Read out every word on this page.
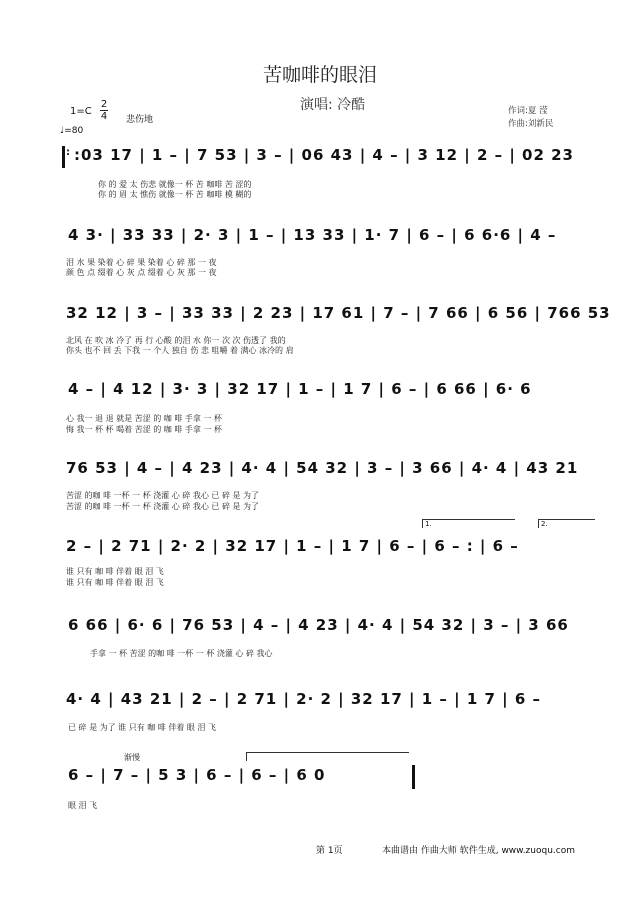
苦咖啡的眼泪
演唱: 冷酷
1=C
2
4 悲伤地
♩=80
作词:夏 滢
作曲:刘新民
: :03 17 | 1 – | 7 53 | 3 – | 06 43 | 4 – | 3 12 | 2 – | 02 23
你 的 爱 太 伤悲 就像一 杯 苦 咖啡 苦 涩的
你 的 眉 太 憔伤 就像一 杯 苦 咖啡 模 糊的
4 3· | 33 33 | 2· 3 | 1 – | 13 33 | 1· 7 | 6 – | 6 6·6 | 4 –
泪 水 果 染着 心 碎 果 染着 心 碎 那 一 夜
颜 色 点 缀着 心 灰 点 缀着 心 灰 那 一 夜
32 12 | 3 – | 33 33 | 2 23 | 17 61 | 7 – | 7 66 | 6 56 | 766 53
北风 在 吹 冰 冷了 再 行 心酸 的泪 水 你一 次 次 伤透了 我的
你头 也不 回 丢 下我 一 个人 独自 伤 悲 咀嚼 着 满心 冰冷的 肩
4 – | 4 12 | 3· 3 | 32 17 | 1 – | 1 7 | 6 – | 6 66 | 6· 6
心 我一 退 退 就是 苦涩 的 咖 啡 手拿 一 杯
悔 我一 杯 杯 喝着 苦涩 的 咖 啡 手拿 一 杯
76 53 | 4 – | 4 23 | 4· 4 | 54 32 | 3 – | 3 66 | 4· 4 | 43 21
苦涩 的咖 啡 一杯 一 杯 浇灌 心 碎 我心 已 碎 是 为了
苦涩 的咖 啡 一杯 一 杯 浇灌 心 碎 我心 已 碎 是 为了
1.	2.
2 – | 2 71 | 2· 2 | 32 17 | 1 – | 1 7 | 6 – | 6 – : | 6 –
谁 只有 咖 啡 伴着 眼 泪 飞
谁 只有 咖 啡 伴着 眼 泪 飞
6 66 | 6· 6 | 76 53 | 4 – | 4 23 | 4· 4 | 54 32 | 3 – | 3 66
手拿 一 杯 苦涩 的咖 啡 一杯 一 杯 浇灌 心 碎 我心
4· 4 | 43 21 | 2 – | 2 71 | 2· 2 | 32 17 | 1 – | 1 7 | 6 –
已 碎 是 为了 谁 只有 咖 啡 伴着 眼 泪 飞
渐慢
6 – | 7 – | 5 3 | 6 – | 6 – | 6 0
眼 泪 飞
第 1页	本曲谱由 作曲大师 软件生成, www.zuoqu.com
